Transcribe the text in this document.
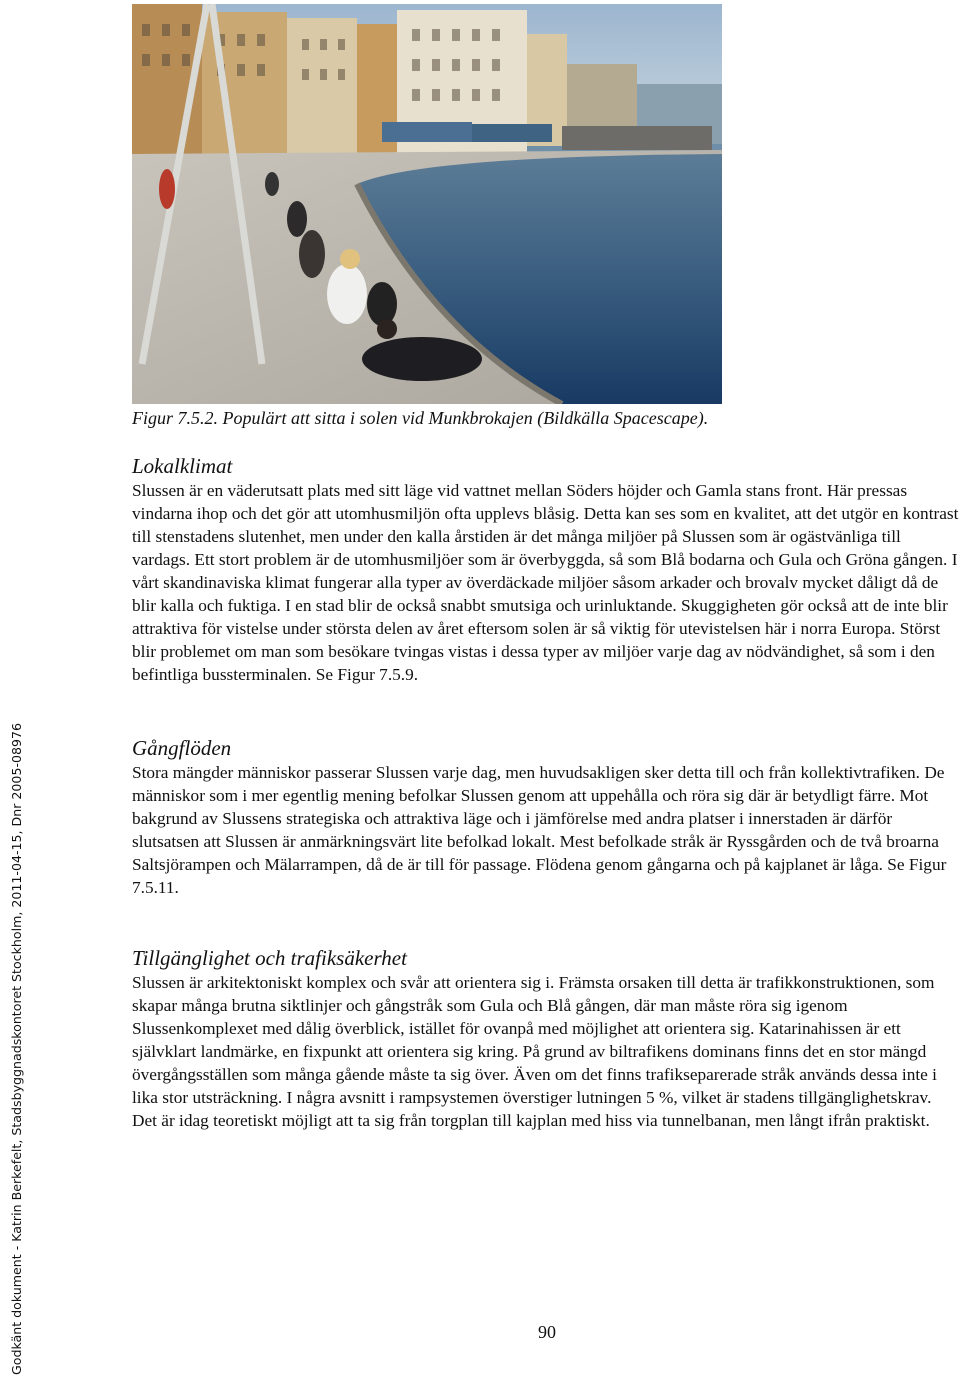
Godkänt dokument - Katrin Berkefelt, Stadsbyggnadskontoret Stockholm, 2011-04-15, Dnr 2005-08976
Figur 7.5.2. Populärt att sitta i solen vid Munkbrokajen (Bildkälla Spacescape).
Lokalklimat

Slussen är en väderutsatt plats med sitt läge vid vattnet mellan Söders höjder och Gamla stans front. Här pressas vindarna ihop och det gör att utomhusmiljön ofta upplevs blåsig. Detta kan ses som en kvalitet, att det utgör en kontrast till stenstadens slutenhet, men under den kalla årstiden är det många miljöer på Slussen som är ogästvänliga till vardags. Ett stort problem är de utomhusmiljöer som är överbyggda, så som Blå bodarna och Gula och Gröna gången. I vårt skandinaviska klimat fungerar alla typer av överdäckade miljöer såsom arkader och brovalv mycket dåligt då de blir kalla och fuktiga. I en stad blir de också snabbt smutsiga och urinluktande. Skuggigheten gör också att de inte blir attraktiva för vistelse under största delen av året eftersom solen är så viktig för utevistelsen här i norra Europa. Störst blir problemet om man som besökare tvingas vistas i dessa typer av miljöer varje dag av nödvändighet, så som i den befintliga bussterminalen. Se Figur 7.5.9.

Gångflöden

Stora mängder människor passerar Slussen varje dag, men huvudsakligen sker detta till och från kollektivtrafiken. De människor som i mer egentlig mening befolkar Slussen genom att uppehålla och röra sig där är betydligt färre. Mot bakgrund av Slussens strategiska och attraktiva läge och i jämförelse med andra platser i innerstaden är därför slutsatsen att Slussen är anmärkningsvärt lite befolkad lokalt. Mest befolkade stråk är Ryssgården och de två broarna Saltsjörampen och Mälarrampen, då de är till för passage. Flödena genom gångarna och på kajplanet är låga. Se Figur 7.5.11.

Tillgänglighet och trafiksäkerhet

Slussen är arkitektoniskt komplex och svår att orientera sig i. Främsta orsaken till detta är trafikkonstruktionen, som skapar många brutna siktlinjer och gångstråk som Gula och Blå gången, där man måste röra sig igenom Slussenkomplexet med dålig överblick, istället för ovanpå med möjlighet att orientera sig. Katarinahissen är ett självklart landmärke, en fixpunkt att orientera sig kring. På grund av biltrafikens dominans finns det en stor mängd övergångsställen som många gående måste ta sig över. Även om det finns trafikseparerade stråk används dessa inte i lika stor utsträckning. I några avsnitt i rampsystemen överstiger lutningen 5 %, vilket är stadens tillgänglighetskrav. Det är idag teoretiskt möjligt att ta sig från torgplan till kajplan med hiss via tunnelbanan, men långt ifrån praktiskt.

90
